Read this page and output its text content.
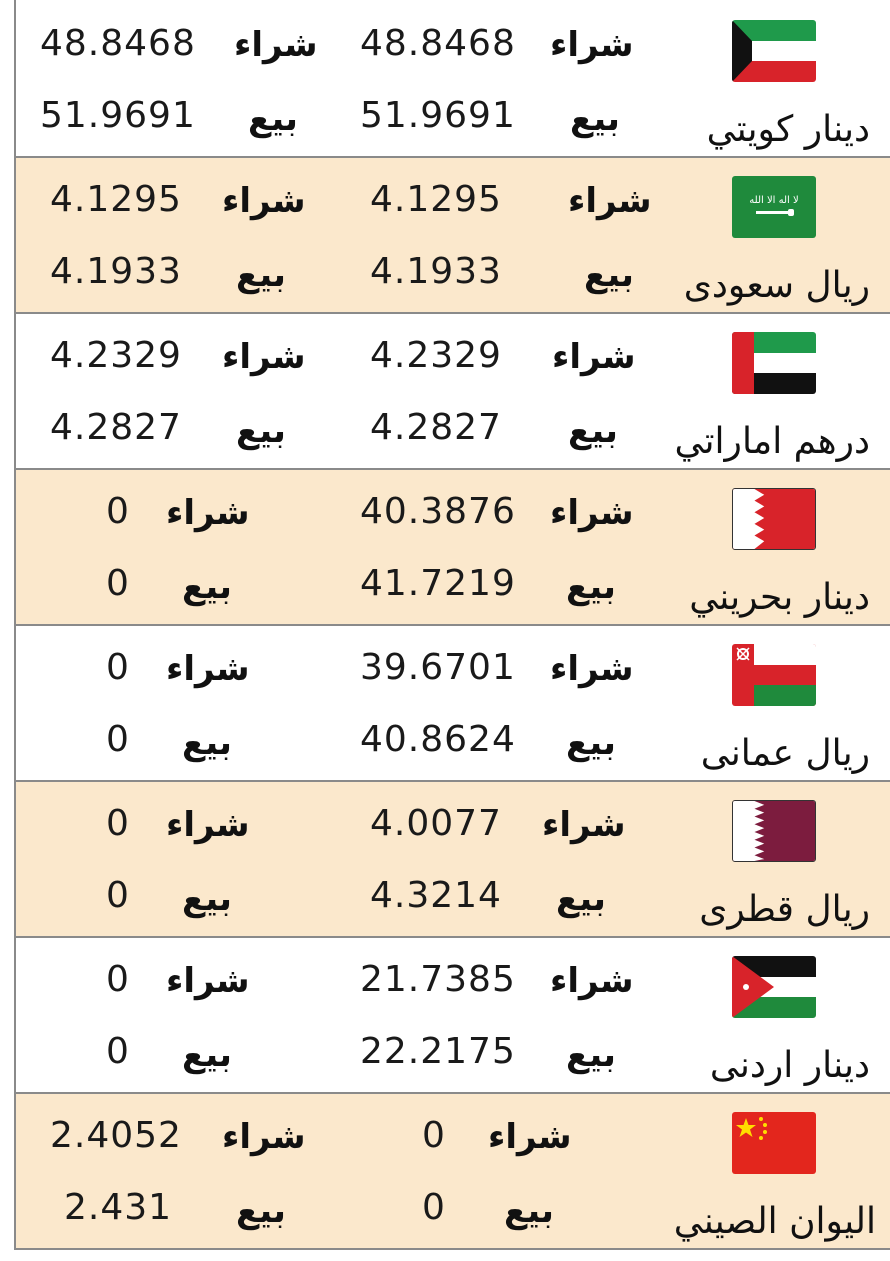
دينار كويتي
شراء
48.8468
بيع
51.9691
شراء
48.8468
بيع
51.9691
لا اله الا الله
ريال سعودى
شراء
4.1295
بيع
4.1933
شراء
4.1295
بيع
4.1933
درهم اماراتي
شراء
4.2329
بيع
4.2827
شراء
4.2329
بيع
4.2827
دينار بحريني
شراء
40.3876
بيع
41.7219
شراء
0
بيع
0
ريال عمانى
شراء
39.6701
بيع
40.8624
شراء
0
بيع
0
ريال قطرى
شراء
4.0077
بيع
4.3214
شراء
0
بيع
0
دينار اردنى
شراء
21.7385
بيع
22.2175
شراء
0
بيع
0
اليوان الصيني
شراء
0
بيع
0
شراء
2.4052
بيع
2.431
